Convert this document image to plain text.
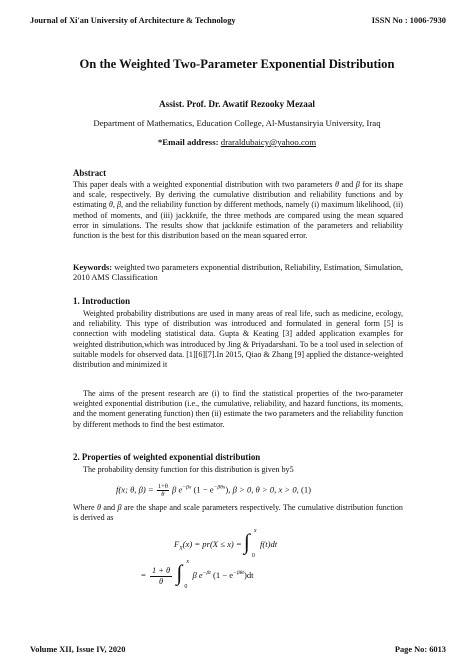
Journal of Xi'an University of Architecture & Technology	ISSN No : 1006-7930
On the Weighted Two-Parameter Exponential Distribution
Assist. Prof. Dr. Awatif Rezooky Mezaal
Department of Mathematics, Education College, Al-Mustansiryia University, Iraq
*Email address: draraldubaicy@yahoo.com
Abstract
This paper deals with a weighted exponential distribution with two parameters θ and β for its shape and scale, respectively. By deriving the cumulative distribution and reliability functions and by estimating θ, β, and the reliability function by different methods, namely (i) maximum likelihood, (ii) method of moments, and (iii) jackknife, the three methods are compared using the mean squared error in simulations. The results show that jackknife estimation of the parameters and reliability function is the best for this distribution based on the mean squared error.
Keywords: weighted two parameters exponential distribution, Reliability, Estimation, Simulation, 2010 AMS Classification
1. Introduction
Weighted probability distributions are used in many areas of real life, such as medicine, ecology, and reliability. This type of distribution was introduced and formulated in general form [5] is connection with modeling statistical data. Gupta & Keating [3] added application examples for weighted distribution,which was introduced by Jing & Priyadarshani. To be a tool used in selection of suitable models for observed data. [1][6][7].In 2015, Qiao & Zhang [9] applied the distance-weighted distribution and minimized it
The aims of the present research are (i) to find the statistical properties of the two-parameter weighted exponential distribution (i.e., the cumulative, reliability, and hazard functions, its moments, and the moment generating function) then (ii) estimate the two parameters and the reliability function by different methods to find the best estimator.
2. Properties of weighted exponential distribution
The probability density function for this distribution is given by5
f(x; θ, $\beta) = \frac{1+\theta}{\theta}$ β $e^{-\beta x}$ $(1 - e^{-\beta\theta x})$, β > 0, θ > 0, x > 0, (1)
Where θ and β are the shape and scale parameters respectively. The cumulative distribution function is derived as
$F_X(x) = pr(X \le x)$ = ∫ x
0
f(t)dt
= $\frac{1 + \theta}{\theta}$
∫ x
0
β $e^{-\beta t}$ $(1 - e^{-\beta\theta t})dt$
Volume XII, Issue IV, 2020	Page No: 6013
